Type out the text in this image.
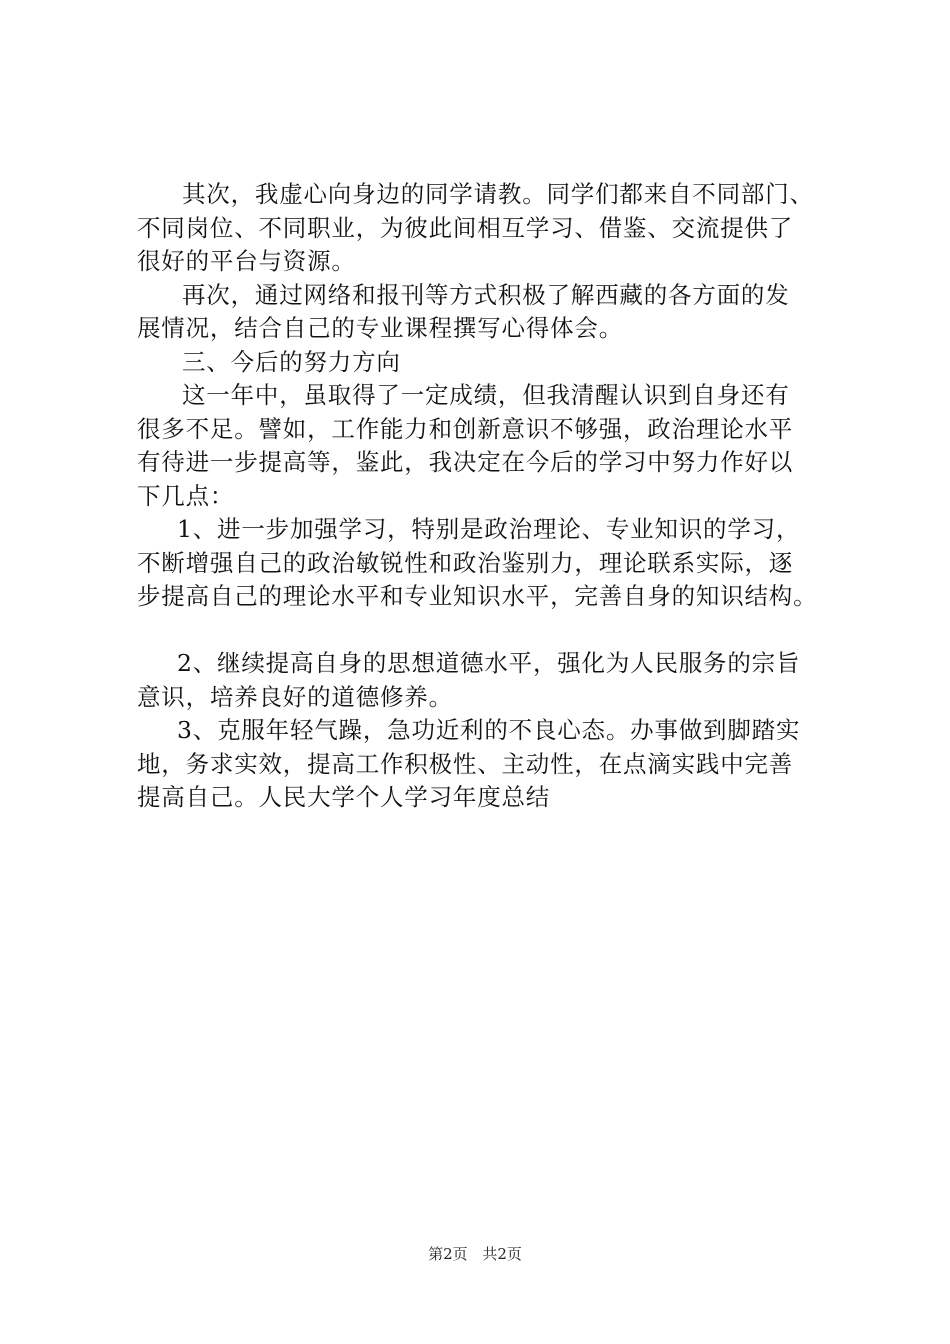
其次，我虚心向身边的同学请教。同学们都来自不同部门、
不同岗位、不同职业，为彼此间相互学习、借鉴、交流提供了
很好的平台与资源。
再次，通过网络和报刊等方式积极了解西藏的各方面的发
展情况，结合自己的专业课程撰写心得体会。
三、今后的努力方向
这一年中，虽取得了一定成绩，但我清醒认识到自身还有
很多不足。譬如，工作能力和创新意识不够强，政治理论水平
有待进一步提高等，鉴此，我决定在今后的学习中努力作好以
下几点：
1、进一步加强学习，特别是政治理论、专业知识的学习，
不断增强自己的政治敏锐性和政治鉴别力，理论联系实际，逐
步提高自己的理论水平和专业知识水平，完善自身的知识结构。
2、继续提高自身的思想道德水平，强化为人民服务的宗旨
意识，培养良好的道德修养。
3、克服年轻气躁，急功近利的不良心态。办事做到脚踏实
地，务求实效，提高工作积极性、主动性，在点滴实践中完善
提高自己。人民大学个人学习年度总结
第2页 共2页
